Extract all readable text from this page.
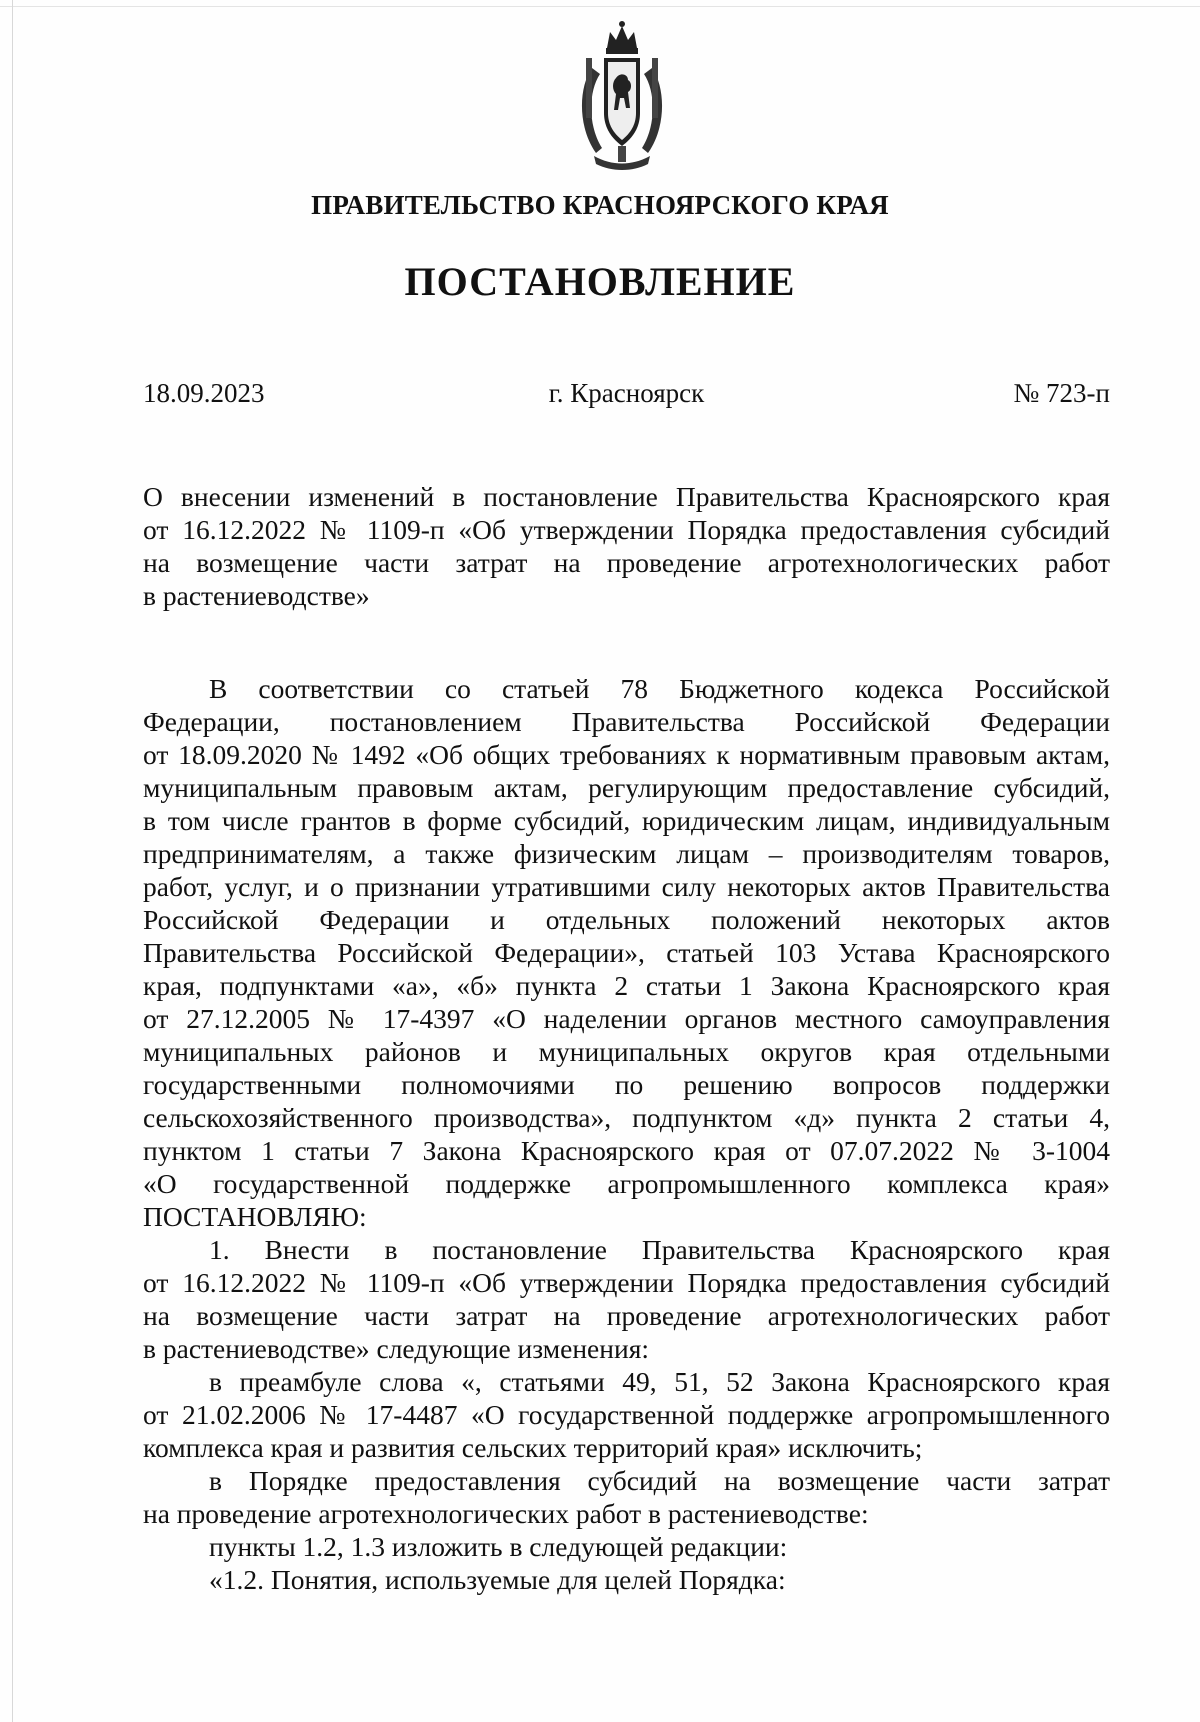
ПРАВИТЕЛЬСТВО КРАСНОЯРСКОГО КРАЯ
ПОСТАНОВЛЕНИЕ
18.09.2023	г. Красноярск	№ 723-п
О внесении изменений в постановление Правительства Красноярского края
от 16.12.2022 № 1109-п «Об утверждении Порядка предоставления субсидий
на возмещение части затрат на проведение агротехнологических работ
в растениеводстве»
В соответствии со статьей 78 Бюджетного кодекса Российской
Федерации, постановлением Правительства Российской Федерации
от 18.09.2020 № 1492 «Об общих требованиях к нормативным правовым актам,
муниципальным правовым актам, регулирующим предоставление субсидий,
в том числе грантов в форме субсидий, юридическим лицам, индивидуальным
предпринимателям, а также физическим лицам – производителям товаров,
работ, услуг, и о признании утратившими силу некоторых актов Правительства
Российской Федерации и отдельных положений некоторых актов
Правительства Российской Федерации», статьей 103 Устава Красноярского
края, подпунктами «а», «б» пункта 2 статьи 1 Закона Красноярского края
от 27.12.2005 № 17-4397 «О наделении органов местного самоуправления
муниципальных районов и муниципальных округов края отдельными
государственными полномочиями по решению вопросов поддержки
сельскохозяйственного производства», подпунктом «д» пункта 2 статьи 4,
пунктом 1 статьи 7 Закона Красноярского края от 07.07.2022 № 3-1004
«О государственной поддержке агропромышленного комплекса края»
ПОСТАНОВЛЯЮ:
1. Внести в постановление Правительства Красноярского края
от 16.12.2022 № 1109-п «Об утверждении Порядка предоставления субсидий
на возмещение части затрат на проведение агротехнологических работ
в растениеводстве» следующие изменения:
в преамбуле слова «, статьями 49, 51, 52 Закона Красноярского края
от 21.02.2006 № 17-4487 «О государственной поддержке агропромышленного
комплекса края и развития сельских территорий края» исключить;
в Порядке предоставления субсидий на возмещение части затрат
на проведение агротехнологических работ в растениеводстве:
пункты 1.2, 1.3 изложить в следующей редакции:
«1.2. Понятия, используемые для целей Порядка:
